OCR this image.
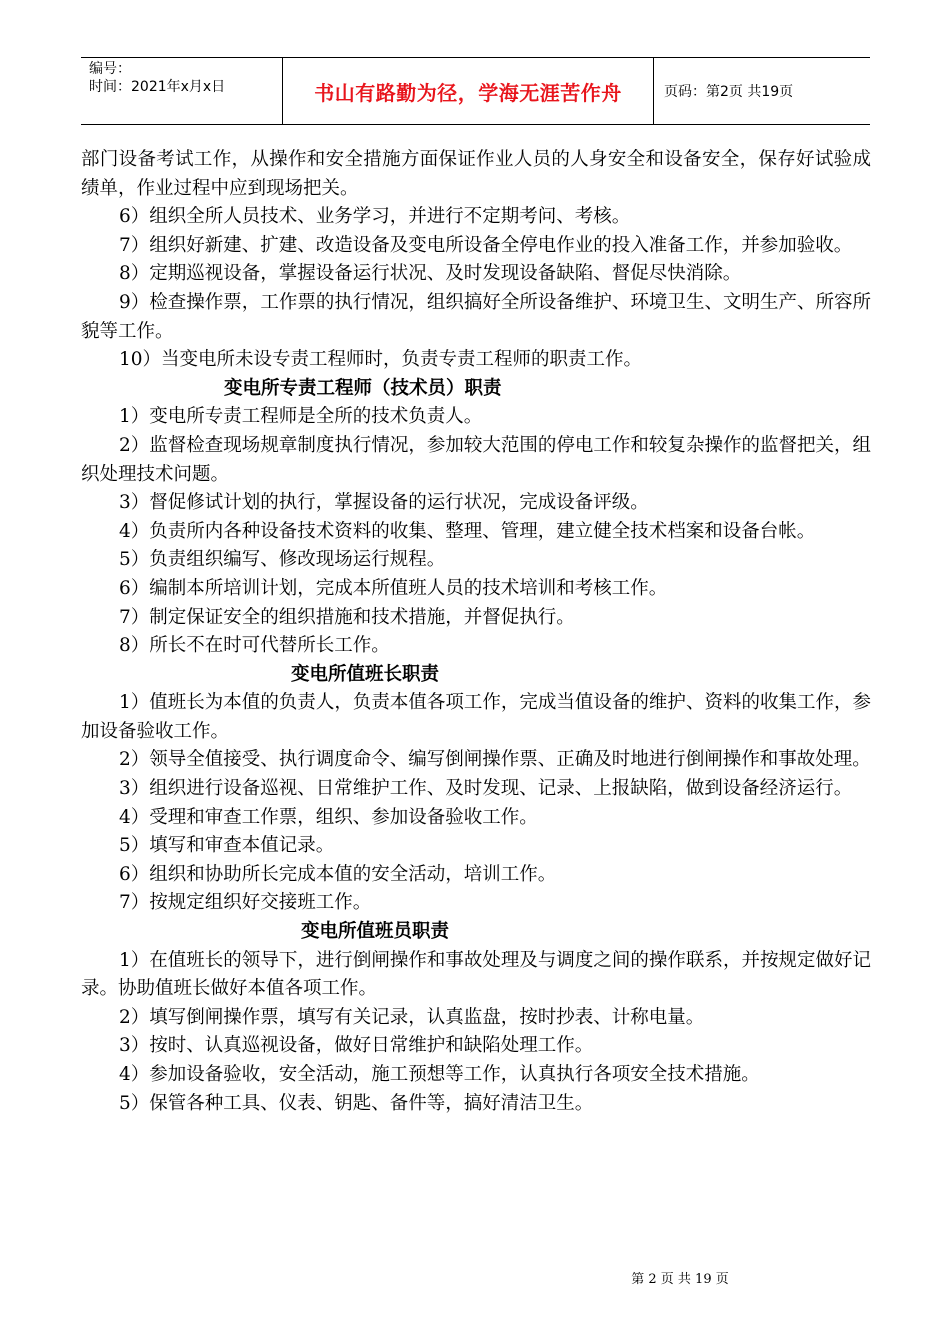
编号：
时间：2021年x月x日	书山有路勤为径，学海无涯苦作舟	页码：第2页 共19页

部门设备考试工作，从操作和安全措施方面保证作业人员的人身安全和设备安全，保存好试验成绩单，作业过程中应到现场把关。

6）组织全所人员技术、业务学习，并进行不定期考问、考核。

7）组织好新建、扩建、改造设备及变电所设备全停电作业的投入准备工作，并参加验收。

8）定期巡视设备，掌握设备运行状况、及时发现设备缺陷、督促尽快消除。

9）检查操作票，工作票的执行情况，组织搞好全所设备维护、环境卫生、文明生产、所容所貌等工作。

10）当变电所未设专责工程师时，负责专责工程师的职责工作。

变电所专责工程师（技术员）职责

1）变电所专责工程师是全所的技术负责人。

2）监督检查现场规章制度执行情况，参加较大范围的停电工作和较复杂操作的监督把关，组织处理技术问题。

3）督促修试计划的执行，掌握设备的运行状况，完成设备评级。

4）负责所内各种设备技术资料的收集、整理、管理，建立健全技术档案和设备台帐。

5）负责组织编写、修改现场运行规程。

6）编制本所培训计划，完成本所值班人员的技术培训和考核工作。

7）制定保证安全的组织措施和技术措施，并督促执行。

8）所长不在时可代替所长工作。

变电所值班长职责

1）值班长为本值的负责人，负责本值各项工作，完成当值设备的维护、资料的收集工作，参加设备验收工作。

2）领导全值接受、执行调度命令、编写倒闸操作票、正确及时地进行倒闸操作和事故处理。

3）组织进行设备巡视、日常维护工作、及时发现、记录、上报缺陷，做到设备经济运行。

4）受理和审查工作票，组织、参加设备验收工作。

5）填写和审查本值记录。

6）组织和协助所长完成本值的安全活动，培训工作。

7）按规定组织好交接班工作。

变电所值班员职责

1）在值班长的领导下，进行倒闸操作和事故处理及与调度之间的操作联系，并按规定做好记录。协助值班长做好本值各项工作。

2）填写倒闸操作票，填写有关记录，认真监盘，按时抄表、计称电量。

3）按时、认真巡视设备，做好日常维护和缺陷处理工作。

4）参加设备验收，安全活动，施工预想等工作，认真执行各项安全技术措施。

5）保管各种工具、仪表、钥匙、备件等，搞好清洁卫生。

第 2 页 共 19 页
